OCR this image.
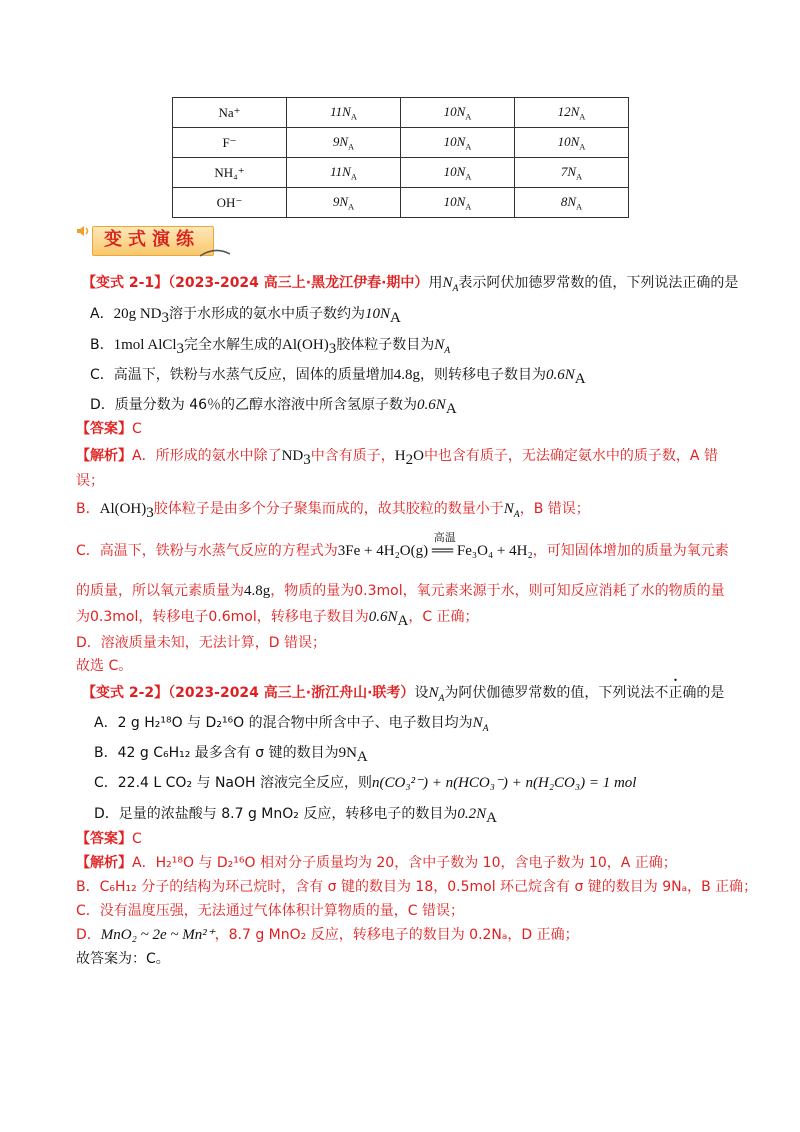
Na⁺	$11N_A$	$10N_A$	$12N_A$
F⁻	$9N_A$	$10N_A$	$10N_A$
NH₄⁺	$11N_A$	$10N_A$	$7N_A$
OH⁻	$9N_A$	$10N_A$	$8N_A$
变式演练
【变式 2-1】（2023-2024 高三上·黑龙江伊春·期中）用$N_A$表示阿伏加德罗常数的值，下列说法正确的是
A．20g $ND_3$溶于水形成的氨水中质子数约为$10N_A$
B．1mol AlCl$_3$完全水解生成的$Al(OH)_3$胶体粒子数目为$N_A$
C．高温下，铁粉与水蒸气反应，固体的质量增加4.8g，则转移电子数目为$0.6N_A$
D．质量分数为 46％的乙醇水溶液中所含氢原子数为$0.6N_A$
【答案】C
【解析】A．所形成的氨水中除了$ND_3$中含有质子，$H_2O$中也含有质子，无法确定氨水中的质子数，A 错
误；
B．$Al(OH)_3$胶体粒子是由多个分子聚集而成的，故其胶粒的数量小于$N_A$，B 错误；
C．高温下，铁粉与水蒸气反应的方程式为
高温
3Fe + 4H₂O(g) ══ Fe₃O₄ + 4H₂，可知固体增加的质量为氧元素
的质量，所以氧元素质量为4.8g，物质的量为0.3mol，氧元素来源于水，则可知反应消耗了水的物质的量
为0.3mol，转移电子0.6mol，转移电子数目为$0.6N_A$，C 正确；
D．溶液质量未知，无法计算，D 错误；
故选 C。
【变式 2-2】（2023-2024 高三上·浙江舟山·联考）设$N_A$为阿伏伽德罗常数的值，下列说法不正确的是
A．2 g H₂¹⁸O 与 D₂¹⁶O 的混合物中所含中子、电子数目均为$N_A$
B．42 g C₆H₁₂ 最多含有 σ 键的数目为$9N_A$
C．22.4 L CO₂ 与 NaOH 溶液完全反应，则n(CO₃²⁻) + n(HCO₃⁻) + n(H₂CO₃) = 1 mol
D．足量的浓盐酸与 8.7 g MnO₂ 反应，转移电子的数目为$0.2N_A$
【答案】C
【解析】A．H₂¹⁸O 与 D₂¹⁶O 相对分子质量均为 20，含中子数为 10，含电子数为 10，A 正确；
B．C₆H₁₂ 分子的结构为环己烷时，含有 σ 键的数目为 18，0.5mol 环己烷含有 σ 键的数目为 9Nₐ，B 正确；
C．没有温度压强，无法通过气体体积计算物质的量，C 错误；
D．MnO₂ ~ 2e ~ Mn²⁺，8.7 g MnO₂ 反应，转移电子的数目为 0.2Nₐ，D 正确；
故答案为：C。
